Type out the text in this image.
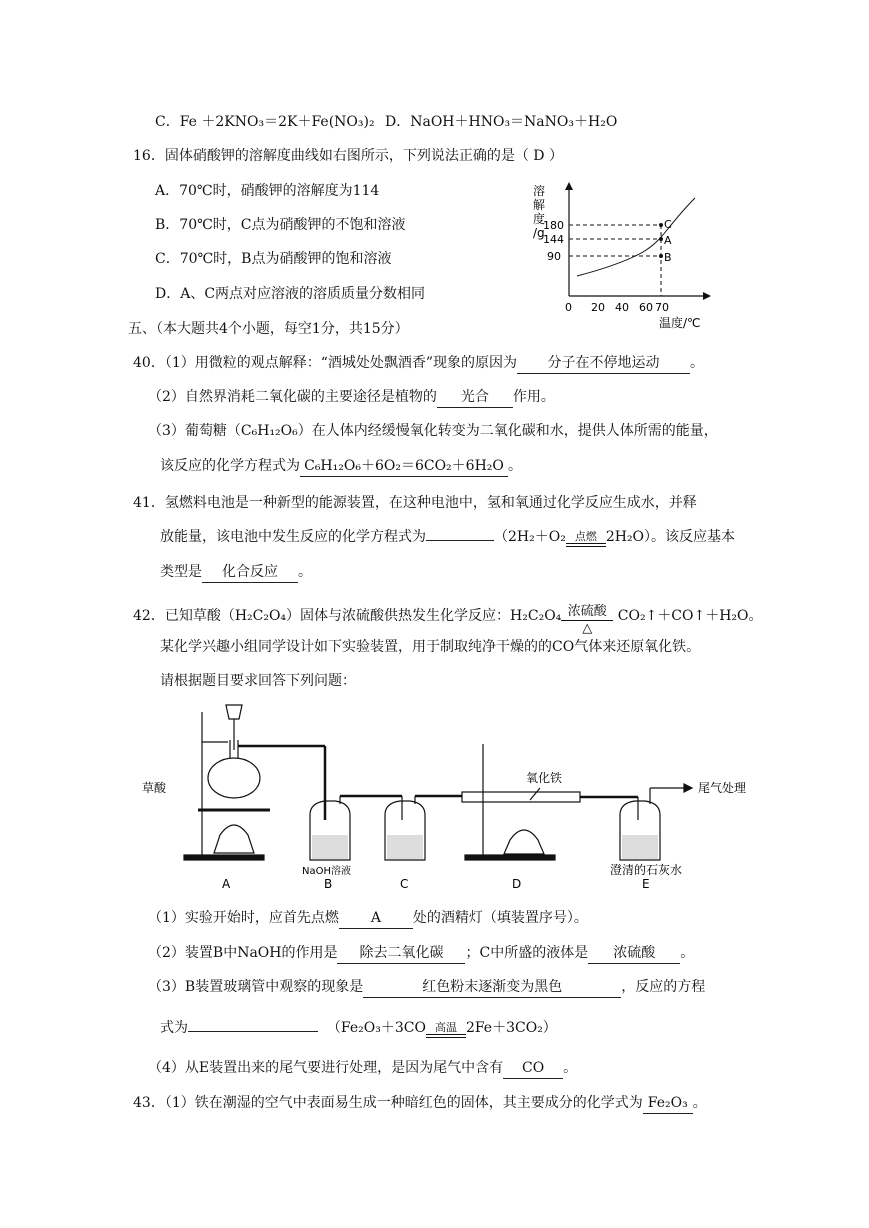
C．Fe ＋2KNO₃＝2K＋Fe(NO₃)₂ D．NaOH＋HNO₃＝NaNO₃＋H₂O
16．固体硝酸钾的溶解度曲线如右图所示，下列说法正确的是（ D ）
A．70℃时，硝酸钾的溶解度为114
B．70℃时，C点为硝酸钾的不饱和溶液
C．70℃时，B点为硝酸钾的饱和溶液
D．A、C两点对应溶液的溶质质量分数相同
溶
解
度
/g
180
144
90
C
A
B
0 20 40 60 70
温度/℃
五、（本大题共4个小题，每空1分，共15分）
40．（1）用微粒的观点解释：“酒城处处飘酒香”现象的原因为 分子在不停地运动 。
（2）自然界消耗二氧化碳的主要途径是植物的 光合 作用。
（3）葡萄糖（C₆H₁₂O₆）在人体内经缓慢氧化转变为二氧化碳和水，提供人体所需的能量，
该反应的化学方程式为 C₆H₁₂O₆＋6O₂＝6CO₂＋6H₂O 。
41．氢燃料电池是一种新型的能源装置，在这种电池中，氢和氧通过化学反应生成水，并释
放能量，该电池中发生反应的化学方程式为	（2H₂＋O₂ 点燃 2H₂O）。该反应基本
类型是 化合反应 。
42．已知草酸（H₂C₂O₄）固体与浓硫酸供热发生化学反应：H₂C₂O₄ 浓硫酸
△
CO₂↑＋CO↑＋H₂O。
某化学兴趣小组同学设计如下实验装置，用于制取纯净干燥的的CO气体来还原氧化铁。
请根据题目要求回答下列问题：
草酸
氧化铁
尾气处理
NaOH溶液	澄清的石灰水
A	B	C	D	E
（1）实验开始时，应首先点燃 A 处的酒精灯（填装置序号）。
（2）装置B中NaOH的作用是 除去二氧化碳 ；C中所盛的液体是 浓硫酸 。
（3）B装置玻璃管中观察的现象是	红色粉末逐渐变为黑色	，反应的方程
式为	（Fe₂O₃＋3CO 高温 2Fe＋3CO₂）
（4）从E装置出来的尾气要进行处理，是因为尾气中含有 CO 。
43．（1）铁在潮湿的空气中表面易生成一种暗红色的固体，其主要成分的化学式为 Fe₂O₃ 。
